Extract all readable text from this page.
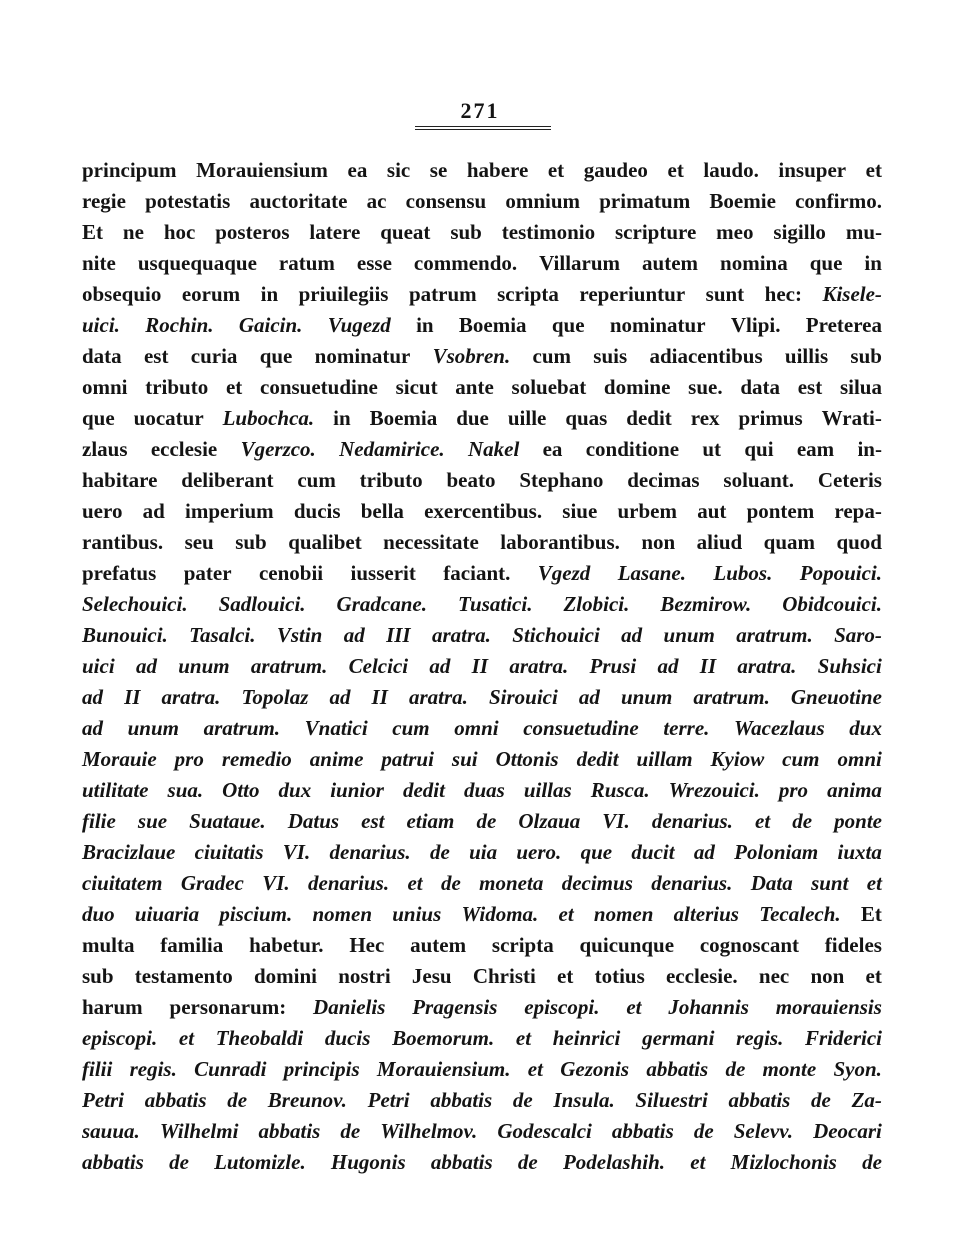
271
principum Morauiensium ea sic se habere et gaudeo et laudo. insuper et
regie potestatis auctoritate ac consensu omnium primatum Boemie confirmo.
Et ne hoc posteros latere queat sub testimonio scripture meo sigillo mu-
nite usquequaque ratum esse commendo. Villarum autem nomina que in
obsequio eorum in priuilegiis patrum scripta reperiuntur sunt hec: Kisele-
uici. Rochin. Gaicin. Vugezd in Boemia que nominatur Vlipi. Preterea
data est curia que nominatur Vsobren. cum suis adiacentibus uillis sub
omni tributo et consuetudine sicut ante soluebat domine sue. data est silua
que uocatur Lubochca. in Boemia due uille quas dedit rex primus Wrati-
zlaus ecclesie Vgerzco. Nedamirice. Nakel ea conditione ut qui eam in-
habitare deliberant cum tributo beato Stephano decimas soluant. Ceteris
uero ad imperium ducis bella exercentibus. siue urbem aut pontem repa-
rantibus. seu sub qualibet necessitate laborantibus. non aliud quam quod
prefatus pater cenobii iusserit faciant. Vgezd Lasane. Lubos. Popouici.
Selechouici. Sadlouici. Gradcane. Tusatici. Zlobici. Bezmirow. Obidcouici.
Bunouici. Tasalci. Vstin ad III aratra. Stichouici ad unum aratrum. Saro-
uici ad unum aratrum. Celcici ad II aratra. Prusi ad II aratra. Suhsici
ad II aratra. Topolaz ad II aratra. Sirouici ad unum aratrum. Gneuotine
ad unum aratrum. Vnatici cum omni consuetudine terre. Wacezlaus dux
Morauie pro remedio anime patrui sui Ottonis dedit uillam Kyiow cum omni
utilitate sua. Otto dux iunior dedit duas uillas Rusca. Wrezouici. pro anima
filie sue Suataue. Datus est etiam de Olzaua VI. denarius. et de ponte
Bracizlaue ciuitatis VI. denarius. de uia uero. que ducit ad Poloniam iuxta
ciuitatem Gradec VI. denarius. et de moneta decimus denarius. Data sunt et
duo uiuaria piscium. nomen unius Widoma. et nomen alterius Tecalech. Et
multa familia habetur. Hec autem scripta quicunque cognoscant fideles
sub testamento domini nostri Jesu Christi et totius ecclesie. nec non et
harum personarum: Danielis Pragensis episcopi. et Johannis morauiensis
episcopi. et Theobaldi ducis Boemorum. et heinrici germani regis. Friderici
filii regis. Cunradi principis Morauiensium. et Gezonis abbatis de monte Syon.
Petri abbatis de Breunov. Petri abbatis de Insula. Siluestri abbatis de Za-
sauua. Wilhelmi abbatis de Wilhelmov. Godescalci abbatis de Selevv. Deocari
abbatis de Lutomizle. Hugonis abbatis de Podelashih. et Mizlochonis de
